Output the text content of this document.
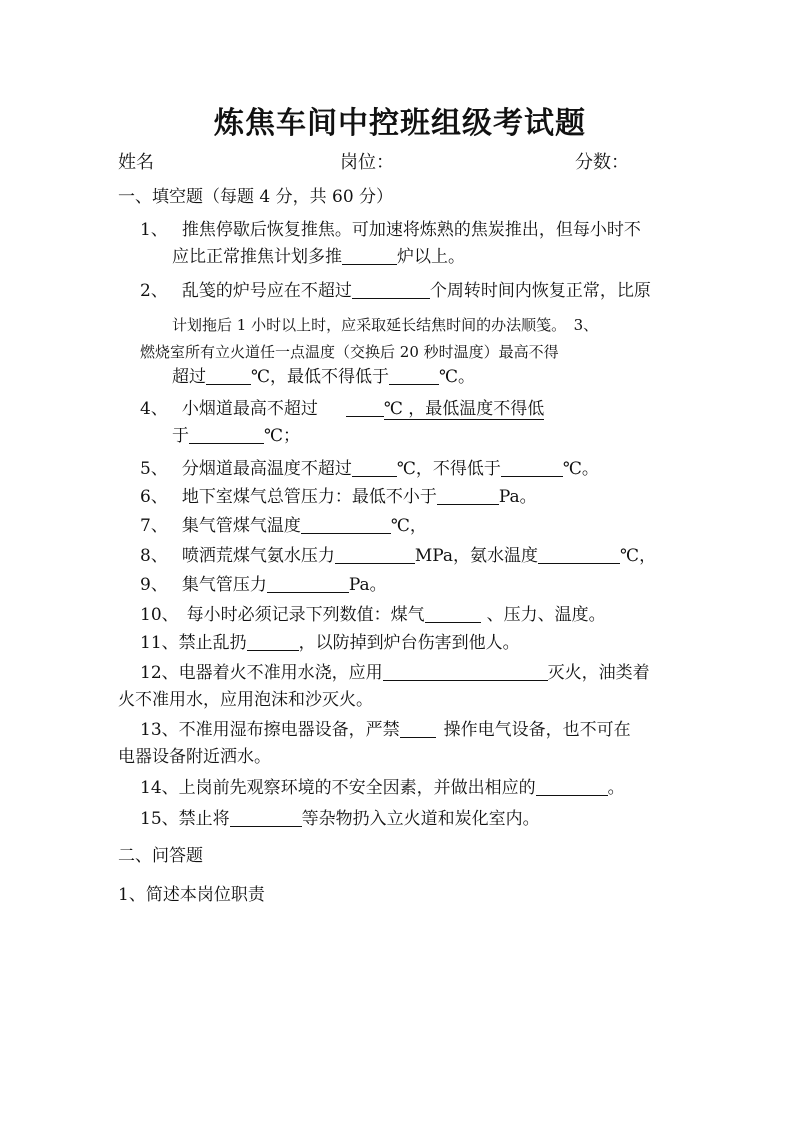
炼焦车间中控班组级考试题
姓名	岗位：	分数：
一、填空题（每题 4 分，共 60 分）
1、 推焦停歇后恢复推焦。可加速将炼熟的焦炭推出，但每小时不
应比正常推焦计划多推	炉以上。
2、 乱笺的炉号应在不超过	个周转时间内恢复正常，比原
计划拖后 1 小时以上时，应采取延长结焦时间的办法顺笺。　3、
燃烧室所有立火道任一点温度（交换后 20 秒时温度）最高不得
超过	℃，最低不得低于	℃。
4、 小烟道最高不超过	℃ ，最低温度不得低
于	℃；
5、 分烟道最高温度不超过	℃，不得低于	℃。
6、 地下室煤气总管压力：最低不小于	Pa。
7、 集气管煤气温度	℃，
8、 喷洒荒煤气氨水压力	MPa，氨水温度	℃，
9、 集气管压力	Pa。
10、 每小时必须记录下列数值：煤气	、压力、温度。
11、禁止乱扔	，以防掉到炉台伤害到他人。
12、电器着火不准用水浇，应用	灭火，油类着
火不准用水，应用泡沫和沙灭火。
13、不准用湿布擦电器设备，严禁	操作电气设备，也不可在
电器设备附近洒水。
14、上岗前先观察环境的不安全因素，并做出相应的	。
15、禁止将	等杂物扔入立火道和炭化室内。
二、问答题
1、简述本岗位职责
